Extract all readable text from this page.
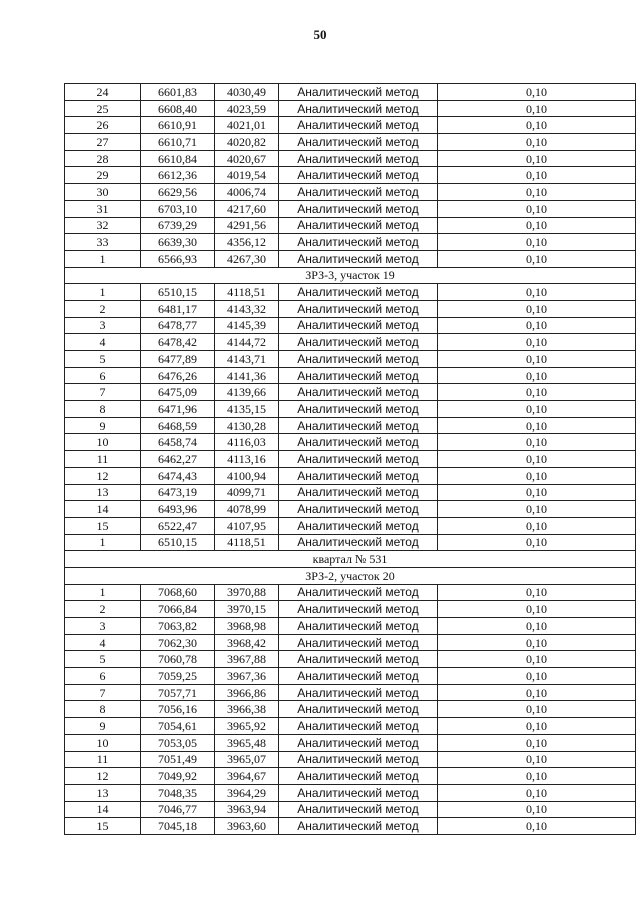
50
24	6601,83	4030,49	Аналитический метод	0,10
25	6608,40	4023,59	Аналитический метод	0,10
26	6610,91	4021,01	Аналитический метод	0,10
27	6610,71	4020,82	Аналитический метод	0,10
28	6610,84	4020,67	Аналитический метод	0,10
29	6612,36	4019,54	Аналитический метод	0,10
30	6629,56	4006,74	Аналитический метод	0,10
31	6703,10	4217,60	Аналитический метод	0,10
32	6739,29	4291,56	Аналитический метод	0,10
33	6639,30	4356,12	Аналитический метод	0,10
1	6566,93	4267,30	Аналитический метод	0,10
ЗРЗ-3, участок 19				
1	6510,15	4118,51	Аналитический метод	0,10
2	6481,17	4143,32	Аналитический метод	0,10
3	6478,77	4145,39	Аналитический метод	0,10
4	6478,42	4144,72	Аналитический метод	0,10
5	6477,89	4143,71	Аналитический метод	0,10
6	6476,26	4141,36	Аналитический метод	0,10
7	6475,09	4139,66	Аналитический метод	0,10
8	6471,96	4135,15	Аналитический метод	0,10
9	6468,59	4130,28	Аналитический метод	0,10
10	6458,74	4116,03	Аналитический метод	0,10
11	6462,27	4113,16	Аналитический метод	0,10
12	6474,43	4100,94	Аналитический метод	0,10
13	6473,19	4099,71	Аналитический метод	0,10
14	6493,96	4078,99	Аналитический метод	0,10
15	6522,47	4107,95	Аналитический метод	0,10
1	6510,15	4118,51	Аналитический метод	0,10
квартал № 531				
ЗРЗ-2, участок 20				
1	7068,60	3970,88	Аналитический метод	0,10
2	7066,84	3970,15	Аналитический метод	0,10
3	7063,82	3968,98	Аналитический метод	0,10
4	7062,30	3968,42	Аналитический метод	0,10
5	7060,78	3967,88	Аналитический метод	0,10
6	7059,25	3967,36	Аналитический метод	0,10
7	7057,71	3966,86	Аналитический метод	0,10
8	7056,16	3966,38	Аналитический метод	0,10
9	7054,61	3965,92	Аналитический метод	0,10
10	7053,05	3965,48	Аналитический метод	0,10
11	7051,49	3965,07	Аналитический метод	0,10
12	7049,92	3964,67	Аналитический метод	0,10
13	7048,35	3964,29	Аналитический метод	0,10
14	7046,77	3963,94	Аналитический метод	0,10
15	7045,18	3963,60	Аналитический метод	0,10
